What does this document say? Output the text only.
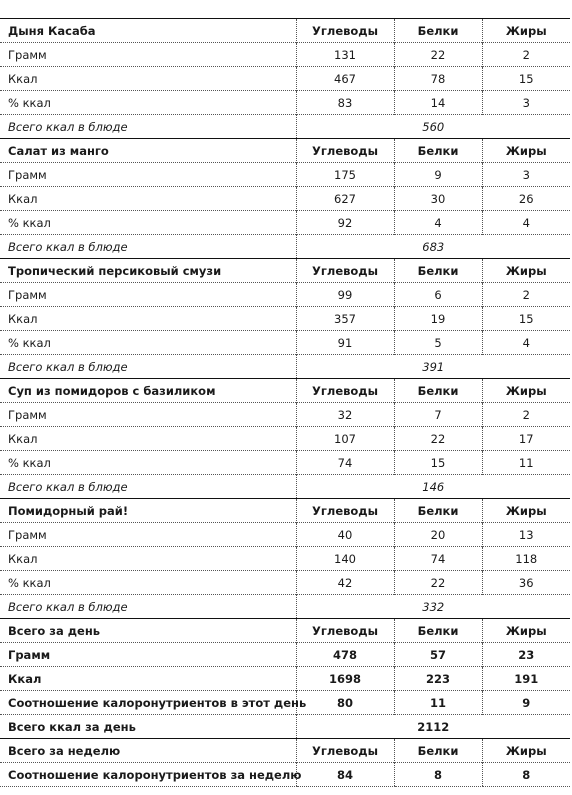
Дыня Касаба	Углеводы	Белки	Жиры
Грамм	131	22	2
Ккал	467	78	15
% ккал	83	14	3
Всего ккал в блюде	560		
Салат из манго	Углеводы	Белки	Жиры
Грамм	175	9	3
Ккал	627	30	26
% ккал	92	4	4
Всего ккал в блюде	683		
Тропический персиковый смузи	Углеводы	Белки	Жиры
Грамм	99	6	2
Ккал	357	19	15
% ккал	91	5	4
Всего ккал в блюде	391		
Суп из помидоров с базиликом	Углеводы	Белки	Жиры
Грамм	32	7	2
Ккал	107	22	17
% ккал	74	15	11
Всего ккал в блюде	146		
Помидорный рай!	Углеводы	Белки	Жиры
Грамм	40	20	13
Ккал	140	74	118
% ккал	42	22	36
Всего ккал в блюде	332		
Всего за день	Углеводы	Белки	Жиры
Грамм	478	57	23
Ккал	1698	223	191
Соотношение калоронутриентов в этот день	80	11	9
Всего ккал за день	2112		
Всего за неделю	Углеводы	Белки	Жиры
Соотношение калоронутриентов за неделю	84	8	8
